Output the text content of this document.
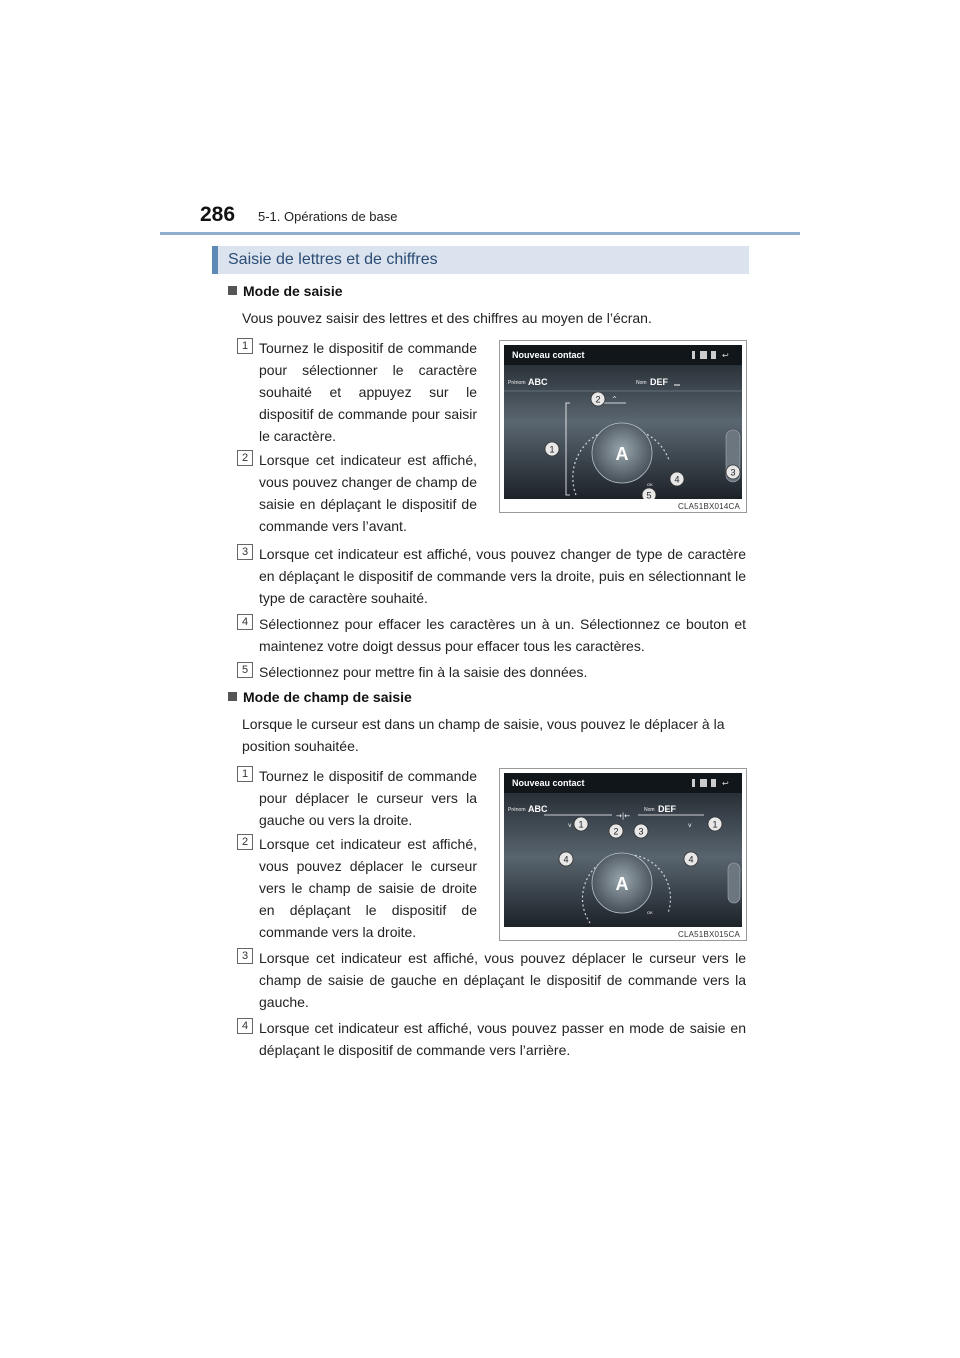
286 5-1. Opérations de base
Saisie de lettres et de chiffres
Mode de saisie
Vous pouvez saisir des lettres et des chiffres au moyen de l’écran.
1 Tournez le dispositif de commande pour sélectionner le caractère souhaité et appuyez sur le dispositif de commande pour saisir le caractère.
2 Lorsque cet indicateur est affiché, vous pouvez changer de champ de saisie en déplaçant le dispositif de commande vers l’avant.
3 Lorsque cet indicateur est affiché, vous pouvez changer de type de caractère en déplaçant le dispositif de commande vers la droite, puis en sélectionnant le type de caractère souhaité.
4 Sélectionnez pour effacer les caractères un à un. Sélectionnez ce bouton et maintenez votre doigt dessus pour effacer tous les caractères.
5 Sélectionnez pour mettre fin à la saisie des données.
Nouveau contact	↩
Prénom ABC	Nom DEF
A
^
OK
1
2
3
4
5
CLA51BX014CA
Mode de champ de saisie
Lorsque le curseur est dans un champ de saisie, vous pouvez le déplacer à la position souhaitée.
1 Tournez le dispositif de commande pour déplacer le curseur vers la gauche ou vers la droite.
2 Lorsque cet indicateur est affiché, vous pouvez déplacer le curseur vers le champ de saisie de droite en déplaçant le dispositif de commande vers la droite.
3 Lorsque cet indicateur est affiché, vous pouvez déplacer le curseur vers le champ de saisie de gauche en déplaçant le dispositif de commande vers la gauche.
4 Lorsque cet indicateur est affiché, vous pouvez passer en mode de saisie en déplaçant le dispositif de commande vers l’arrière.
Nouveau contact	↩
Prénom ABC	Nom DEF
→|←
v	v
A
OK
1	1
2 3
4	4
CLA51BX015CA
